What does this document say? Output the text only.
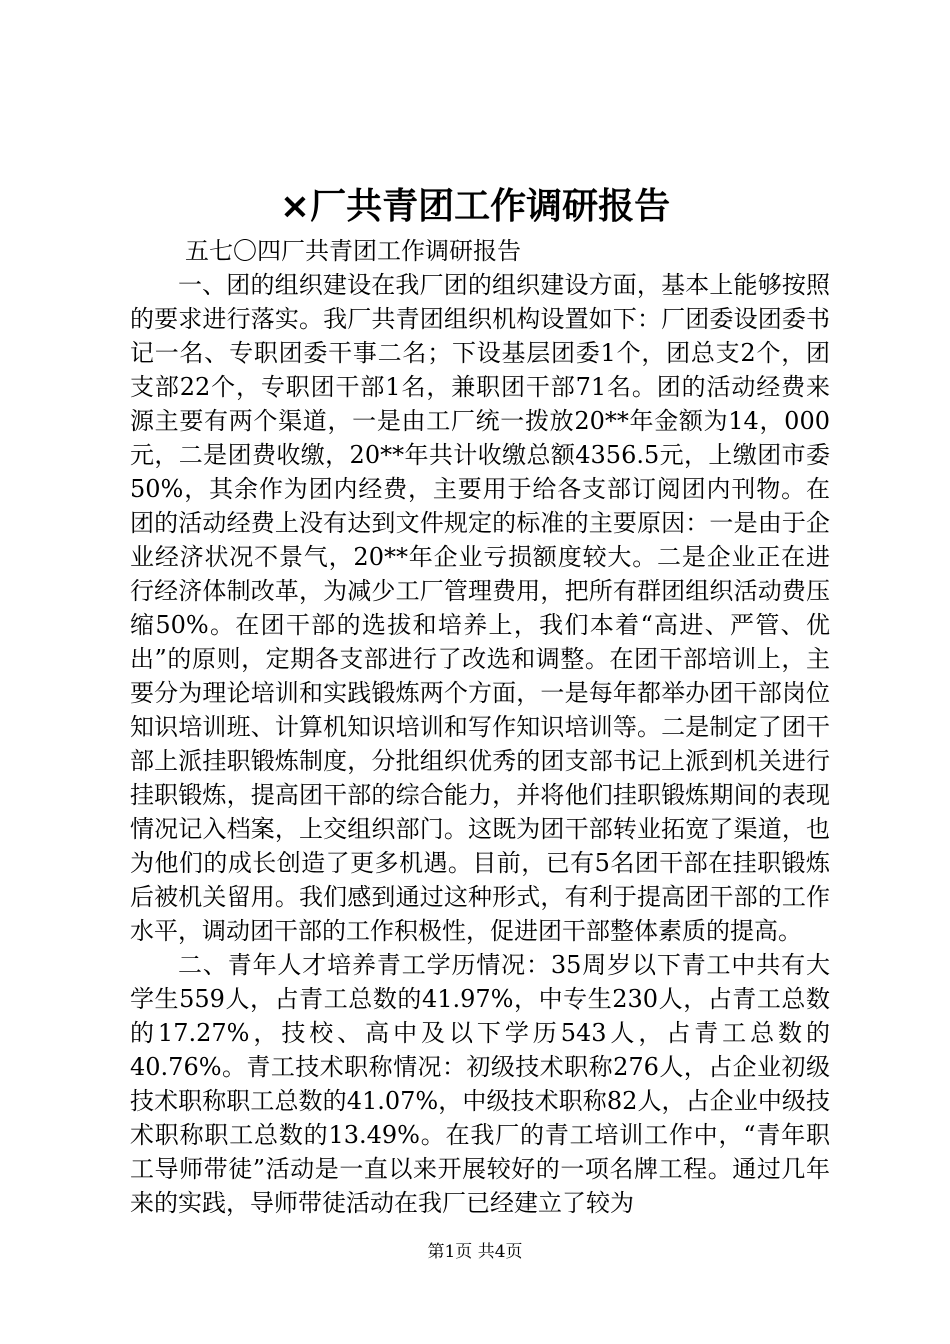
×厂共青团工作调研报告
五七〇四厂共青团工作调研报告

一、团的组织建设在我厂团的组织建设方面，基本上能够按照的要求进行落实。我厂共青团组织机构设置如下：厂团委设团委书记一名、专职团委干事二名；下设基层团委1个，团总支2个，团支部22个，专职团干部1名，兼职团干部71名。团的活动经费来源主要有两个渠道，一是由工厂统一拨放20**年金额为14，000元，二是团费收缴，20**年共计收缴总额4356.5元，上缴团市委50%，其余作为团内经费，主要用于给各支部订阅团内刊物。在团的活动经费上没有达到文件规定的标准的主要原因：一是由于企业经济状况不景气，20**年企业亏损额度较大。二是企业正在进行经济体制改革，为减少工厂管理费用，把所有群团组织活动费压缩50%。在团干部的选拔和培养上，我们本着“高进、严管、优出”的原则，定期各支部进行了改选和调整。在团干部培训上，主要分为理论培训和实践锻炼两个方面，一是每年都举办团干部岗位知识培训班、计算机知识培训和写作知识培训等。二是制定了团干部上派挂职锻炼制度，分批组织优秀的团支部书记上派到机关进行挂职锻炼，提高团干部的综合能力，并将他们挂职锻炼期间的表现情况记入档案，上交组织部门。这既为团干部转业拓宽了渠道，也为他们的成长创造了更多机遇。目前，已有5名团干部在挂职锻炼后被机关留用。我们感到通过这种形式，有利于提高团干部的工作水平，调动团干部的工作积极性，促进团干部整体素质的提高。

二、青年人才培养青工学历情况：35周岁以下青工中共有大学生559人，占青工总数的41.97%，中专生230人，占青工总数的17.27%，技校、高中及以下学历543人，占青工总数的40.76%。青工技术职称情况：初级技术职称276人，占企业初级技术职称职工总数的41.07%，中级技术职称82人，占企业中级技术职称职工总数的13.49%。在我厂的青工培训工作中，“青年职工导师带徒”活动是一直以来开展较好的一项名牌工程。通过几年来的实践，导师带徒活动在我厂已经建立了较为

第1页 共4页
